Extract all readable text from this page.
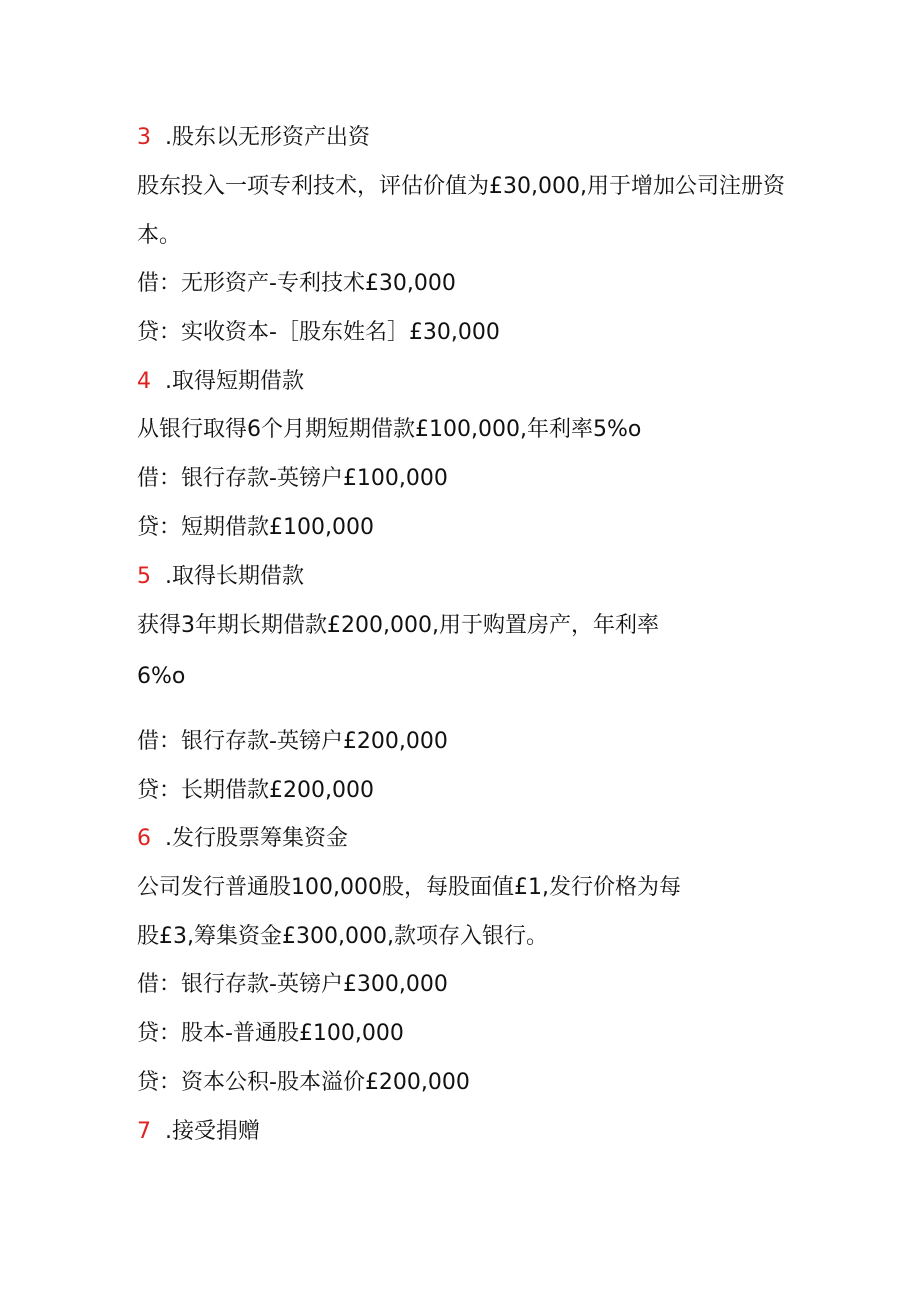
3 .股东以无形资产出资
股东投入一项专利技术，评估价值为£30,000,用于增加公司注册资
本。
借：无形资产-专利技术£30,000
贷：实收资本-［股东姓名］£30,000
4 .取得短期借款
从银行取得6个月期短期借款£100,000,年利率5%o
借：银行存款-英镑户£100,000
贷：短期借款£100,000
5 .取得长期借款
获得3年期长期借款£200,000,用于购置房产，年利率
6%o
借：银行存款-英镑户£200,000
贷：长期借款£200,000
6 .发行股票筹集资金
公司发行普通股100,000股，每股面值£1,发行价格为每
股£3,筹集资金£300,000,款项存入银行。
借：银行存款-英镑户£300,000
贷：股本-普通股£100,000
贷：资本公积-股本溢价£200,000
7 .接受捐赠
